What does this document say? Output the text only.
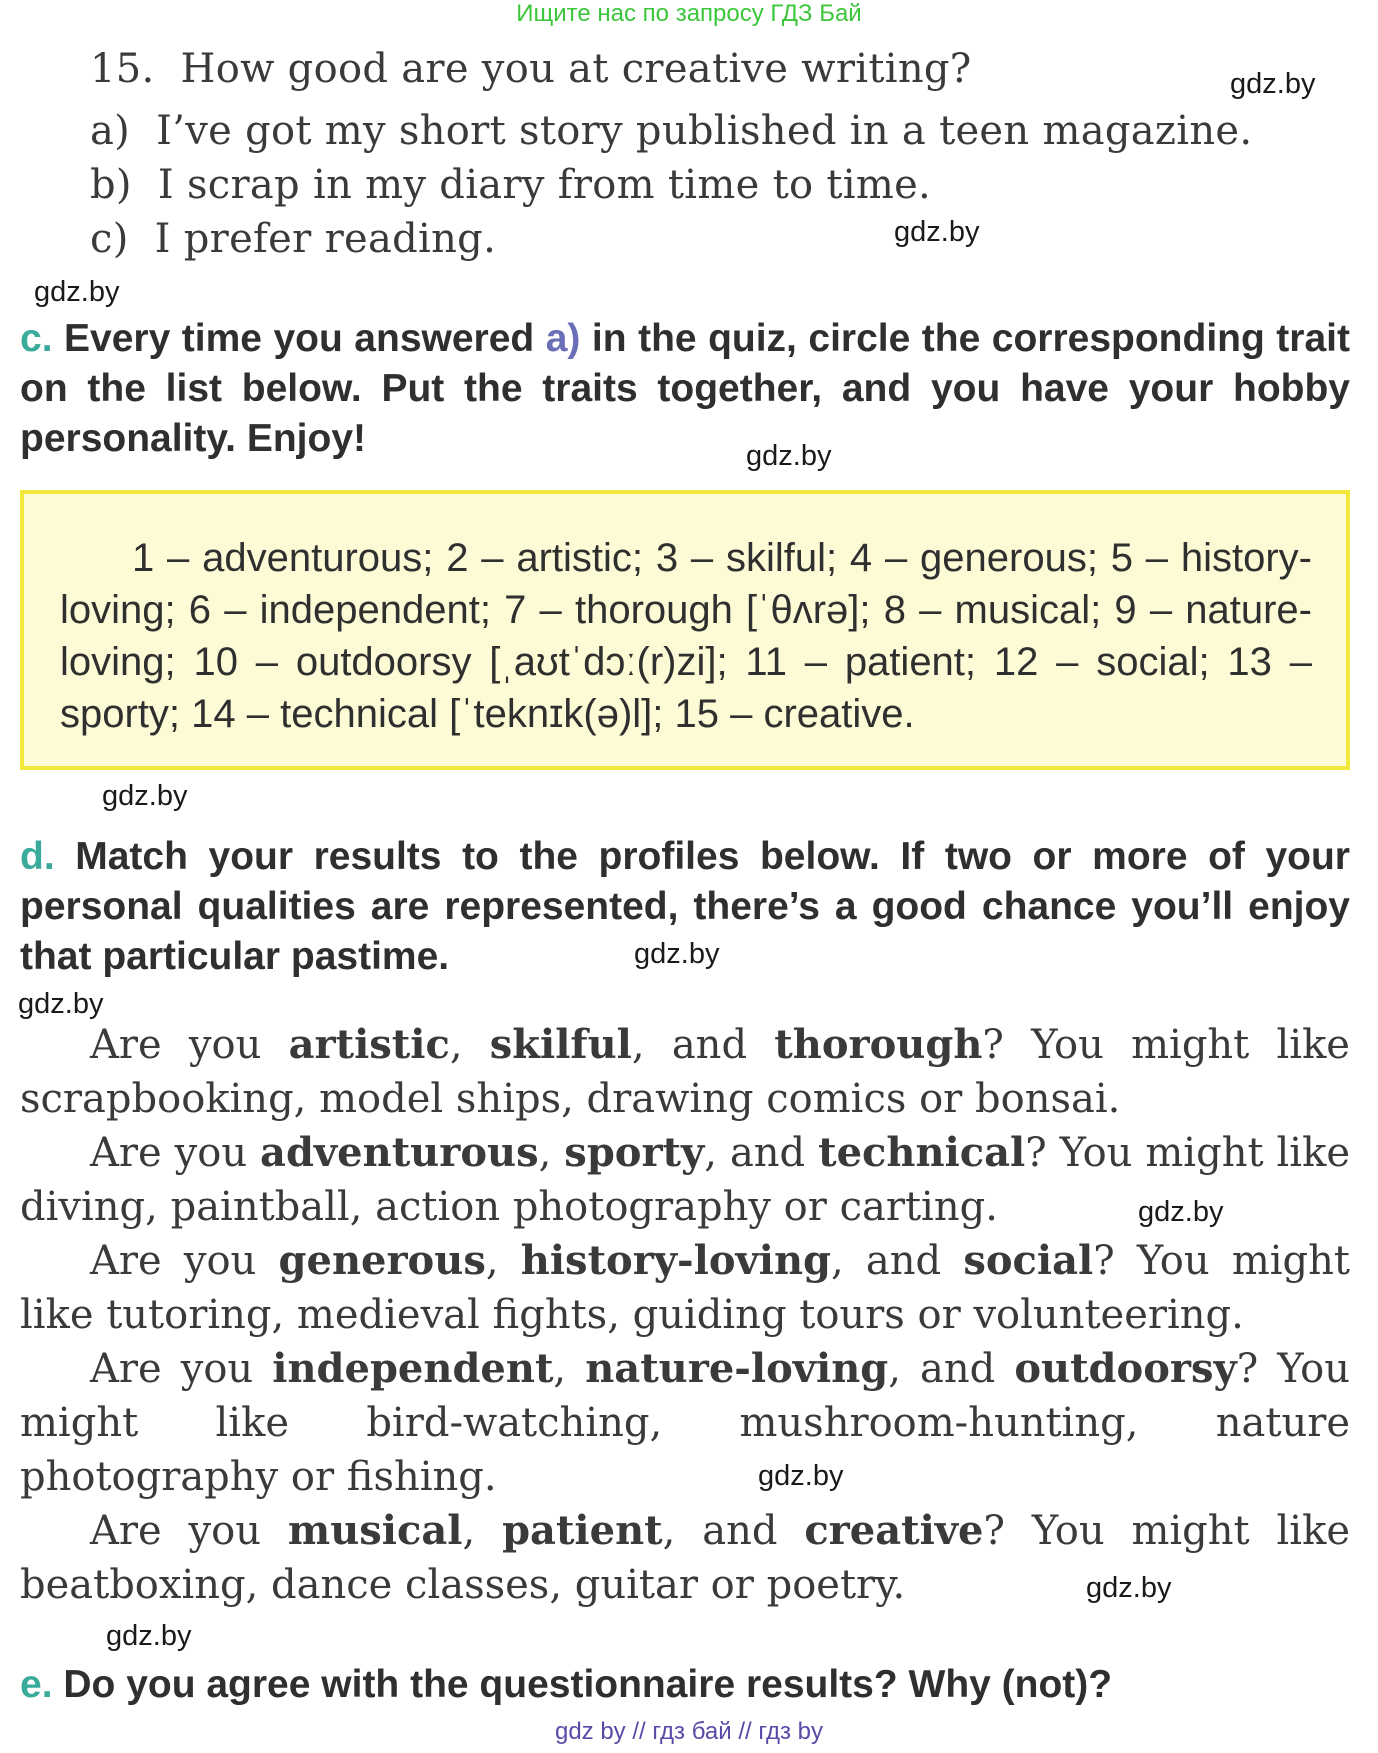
Ищите нас по запросу ГДЗ Бай
15. How good are you at creative writing?
a) I’ve got my short story published in a teen magazine.
b) I scrap in my diary from time to time.
c) I prefer reading.
gdz.by
gdz.by
gdz.by
gdz.by
gdz.by
gdz.by
gdz.by
gdz.by
gdz.by
gdz.by
gdz.by
c. Every time you answered a) in the quiz, circle the corresponding trait on the list below. Put the traits together, and you have your hobby personality. Enjoy!
1 – adventurous; 2 – artistic; 3 – skilful; 4 – generous; 5 – history-loving; 6 – independent; 7 – thorough [ˈθʌrə]; 8 – musical; 9 – nature-loving; 10 – outdoorsy [ˌaʊtˈdɔː(r)zi]; 11 – patient; 12 – social; 13 – sporty; 14 – technical [ˈteknɪk(ə)l]; 15 – creative.
d. Match your results to the profiles below. If two or more of your personal qualities are represented, there’s a good chance you’ll enjoy that particular pastime.
Are you artistic, skilful, and thorough? You might like scrapbooking, model ships, drawing comics or bonsai.
Are you adventurous, sporty, and technical? You might like diving, paintball, action photography or carting.
Are you generous, history-loving, and social? You might like tutoring, medieval fights, guiding tours or volunteering.
Are you independent, nature-loving, and outdoorsy? You might like bird-watching, mushroom-hunting, nature photography or fishing.
Are you musical, patient, and creative? You might like beatboxing, dance classes, guitar or poetry.
e. Do you agree with the questionnaire results? Why (not)?
gdz by // гдз бай // гдз by
